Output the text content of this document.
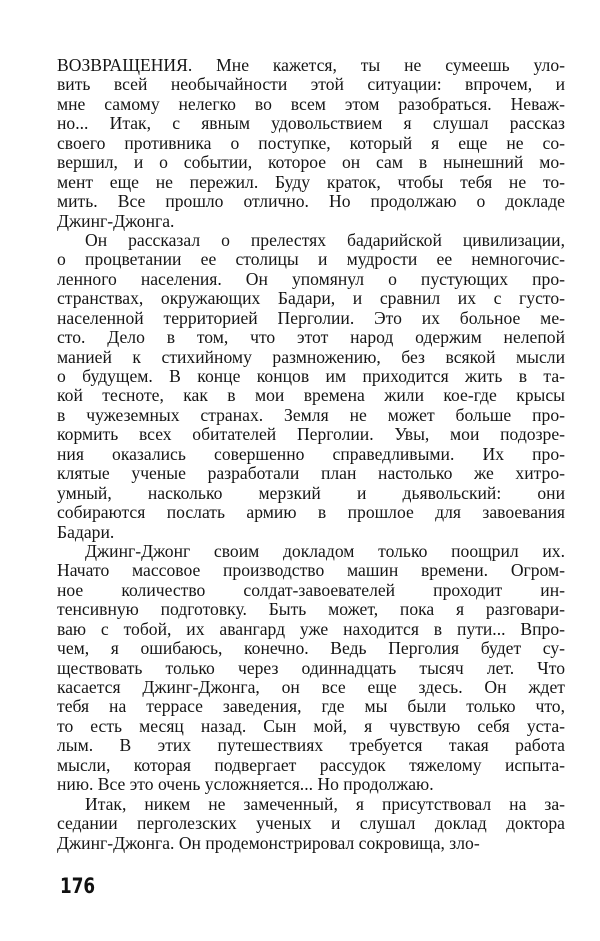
ВОЗВРАЩЕНИЯ. Мне кажется, ты не сумеешь уло-
вить всей необычайности этой ситуации: впрочем, и
мне самому нелегко во всем этом разобраться. Неваж-
но... Итак, с явным удовольствием я слушал рассказ
своего противника о поступке, который я еще не со-
вершил, и о событии, которое он сам в нынешний мо-
мент еще не пережил. Буду краток, чтобы тебя не то-
мить. Все прошло отлично. Но продолжаю о докладе
Джинг-Джонга.
Он рассказал о прелестях бадарийской цивилизации,
о процветании ее столицы и мудрости ее немногочис-
ленного населения. Он упомянул о пустующих про-
странствах, окружающих Бадари, и сравнил их с густо-
населенной территорией Перголии. Это их больное ме-
сто. Дело в том, что этот народ одержим нелепой
манией к стихийному размножению, без всякой мысли
о будущем. В конце концов им приходится жить в та-
кой тесноте, как в мои времена жили кое-где крысы
в чужеземных странах. Земля не может больше про-
кормить всех обитателей Перголии. Увы, мои подозре-
ния оказались совершенно справедливыми. Их про-
клятые ученые разработали план настолько же хитро-
умный, насколько мерзкий и дьявольский: они
собираются послать армию в прошлое для завоевания
Бадари.
Джинг-Джонг своим докладом только поощрил их.
Начато массовое производство машин времени. Огром-
ное количество солдат-завоевателей проходит ин-
тенсивную подготовку. Быть может, пока я разговари-
ваю с тобой, их авангард уже находится в пути... Впро-
чем, я ошибаюсь, конечно. Ведь Перголия будет су-
ществовать только через одиннадцать тысяч лет. Что
касается Джинг-Джонга, он все еще здесь. Он ждет
тебя на террасе заведения, где мы были только что,
то есть месяц назад. Сын мой, я чувствую себя уста-
лым. В этих путешествиях требуется такая работа
мысли, которая подвергает рассудок тяжелому испыта-
нию. Все это очень усложняется... Но продолжаю.
Итак, никем не замеченный, я присутствовал на за-
седании перголезских ученых и слушал доклад доктора
Джинг-Джонга. Он продемонстрировал сокровища, зло-
176
